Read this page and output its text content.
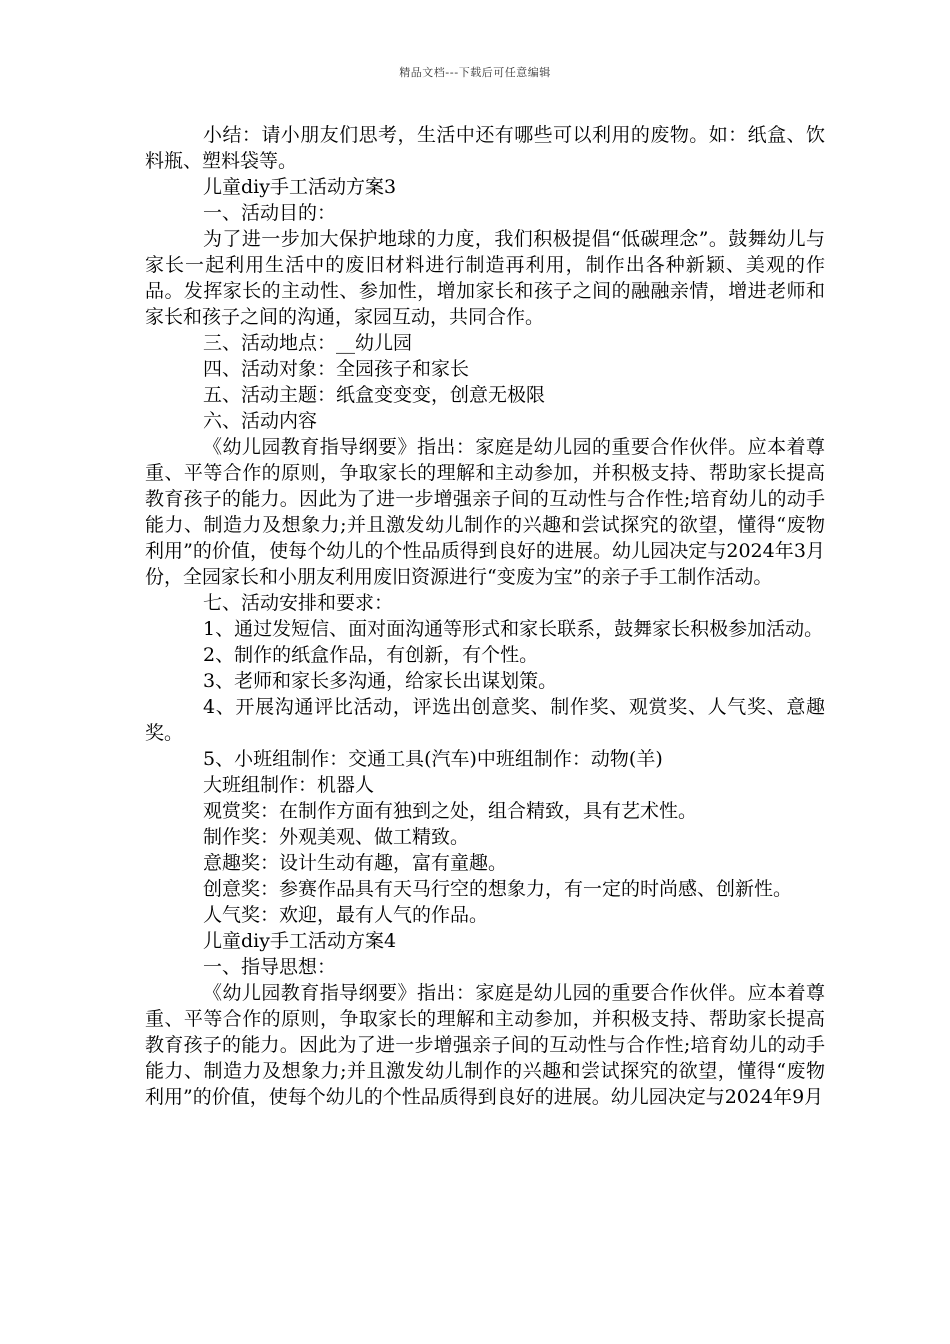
精品文档---下载后可任意编辑

小结：请小朋友们思考，生活中还有哪些可以利用的废物。如：纸盒、饮料瓶、塑料袋等。

儿童diy手工活动方案3

一、活动目的：

为了进一步加大保护地球的力度，我们积极提倡“低碳理念”。鼓舞幼儿与家长一起利用生活中的废旧材料进行制造再利用，制作出各种新颖、美观的作品。发挥家长的主动性、参加性，增加家长和孩子之间的融融亲情，增进老师和家长和孩子之间的沟通，家园互动，共同合作。

三、活动地点：__幼儿园

四、活动对象：全园孩子和家长

五、活动主题：纸盒变变变，创意无极限

六、活动内容

《幼儿园教育指导纲要》指出：家庭是幼儿园的重要合作伙伴。应本着尊重、平等合作的原则，争取家长的理解和主动参加，并积极支持、帮助家长提高教育孩子的能力。因此为了进一步增强亲子间的互动性与合作性;培育幼儿的动手能力、制造力及想象力;并且激发幼儿制作的兴趣和尝试探究的欲望，懂得“废物利用”的价值，使每个幼儿的个性品质得到良好的进展。幼儿园决定与2024年3月份，全园家长和小朋友利用废旧资源进行“变废为宝”的亲子手工制作活动。

七、活动安排和要求：

1、通过发短信、面对面沟通等形式和家长联系，鼓舞家长积极参加活动。

2、制作的纸盒作品，有创新，有个性。

3、老师和家长多沟通，给家长出谋划策。

4、开展沟通评比活动，评选出创意奖、制作奖、观赏奖、人气奖、意趣奖。

5、小班组制作：交通工具(汽车)中班组制作：动物(羊)

大班组制作：机器人

观赏奖：在制作方面有独到之处，组合精致，具有艺术性。

制作奖：外观美观、做工精致。

意趣奖：设计生动有趣，富有童趣。

创意奖：参赛作品具有天马行空的想象力，有一定的时尚感、创新性。

人气奖：欢迎，最有人气的作品。

儿童diy手工活动方案4

一、指导思想：

《幼儿园教育指导纲要》指出：家庭是幼儿园的重要合作伙伴。应本着尊重、平等合作的原则，争取家长的理解和主动参加，并积极支持、帮助家长提高教育孩子的能力。因此为了进一步增强亲子间的互动性与合作性;培育幼儿的动手能力、制造力及想象力;并且激发幼儿制作的兴趣和尝试探究的欲望，懂得“废物利用”的价值，使每个幼儿的个性品质得到良好的进展。幼儿园决定与2024年9月
